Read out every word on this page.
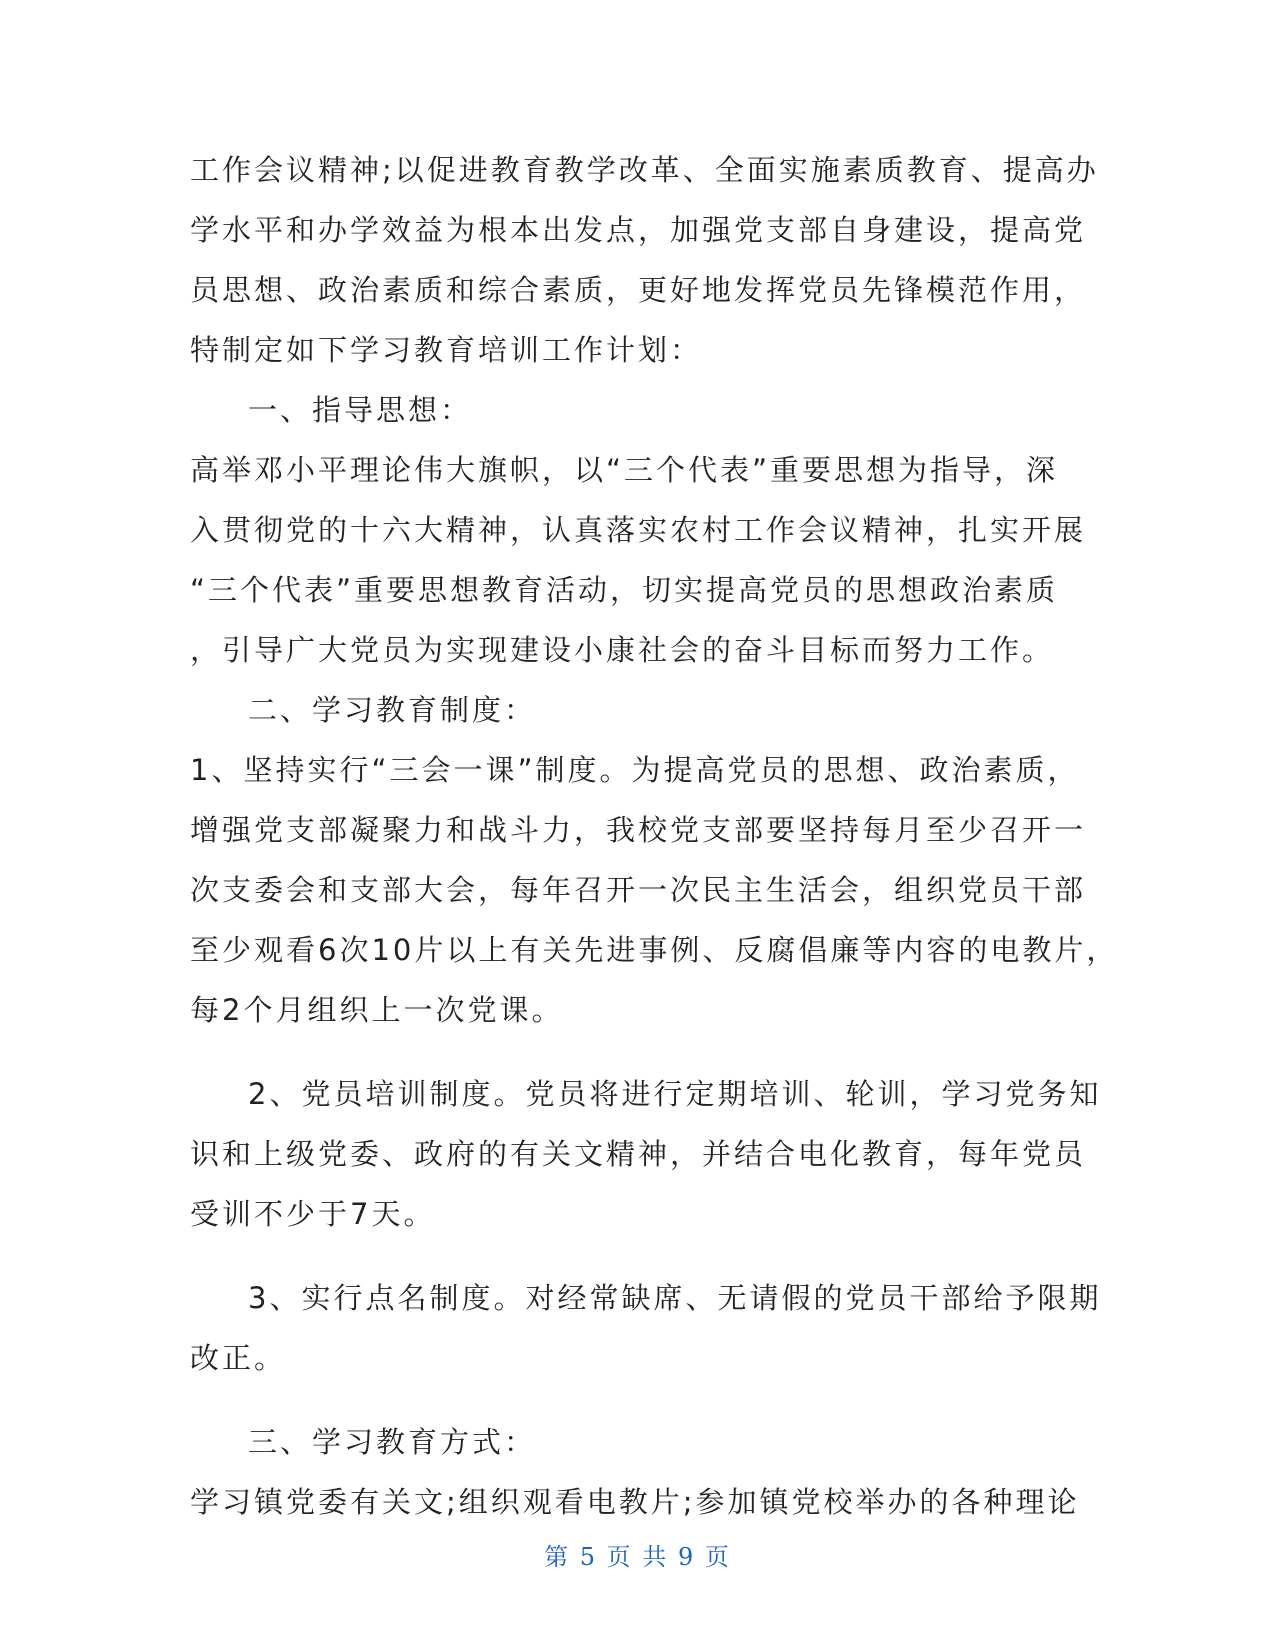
工作会议精神;以促进教育教学改革、全面实施素质教育、提高办
学水平和办学效益为根本出发点，加强党支部自身建设，提高党
员思想、政治素质和综合素质，更好地发挥党员先锋模范作用，
特制定如下学习教育培训工作计划：
一、指导思想：
高举邓小平理论伟大旗帜，以“三个代表”重要思想为指导，深
入贯彻党的十六大精神，认真落实农村工作会议精神，扎实开展
“三个代表”重要思想教育活动，切实提高党员的思想政治素质
，引导广大党员为实现建设小康社会的奋斗目标而努力工作。
二、学习教育制度：
1、坚持实行“三会一课”制度。为提高党员的思想、政治素质，
增强党支部凝聚力和战斗力，我校党支部要坚持每月至少召开一
次支委会和支部大会，每年召开一次民主生活会，组织党员干部
至少观看6次10片以上有关先进事例、反腐倡廉等内容的电教片，
每2个月组织上一次党课。
2、党员培训制度。党员将进行定期培训、轮训，学习党务知
识和上级党委、政府的有关文精神，并结合电化教育，每年党员
受训不少于7天。
3、实行点名制度。对经常缺席、无请假的党员干部给予限期
改正。
三、学习教育方式：
学习镇党委有关文;组织观看电教片;参加镇党校举办的各种理论
第 5 页 共 9 页
